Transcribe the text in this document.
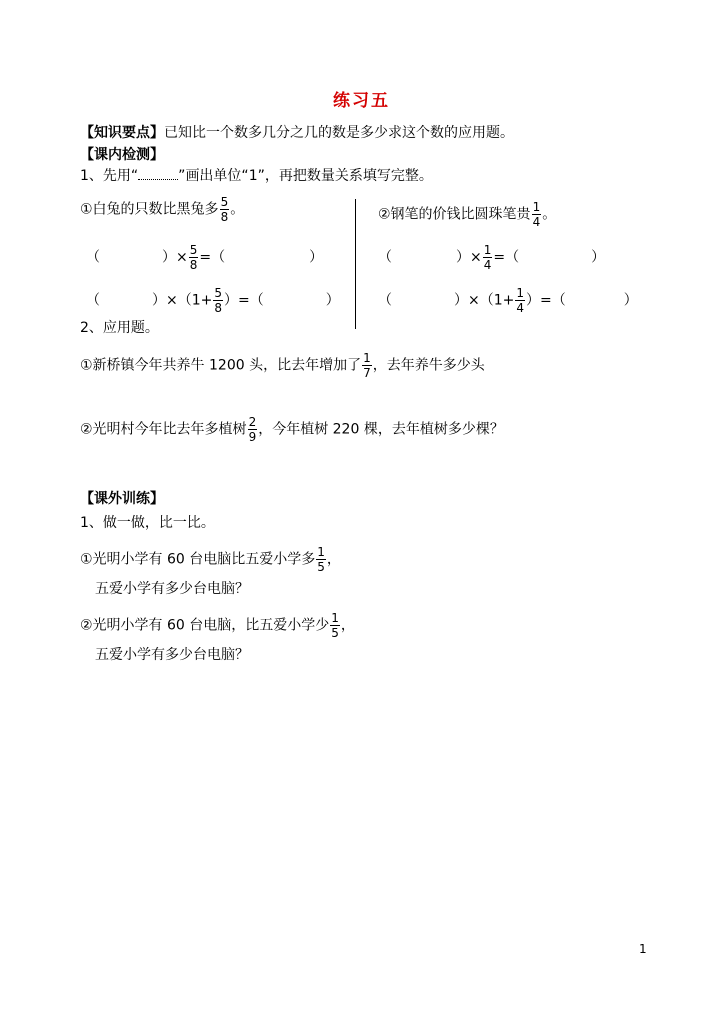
练习五
【知识要点】已知比一个数多几分之几的数是多少求这个数的应用题。
【课内检测】
1、先用“	”画出单位“1”，再把数量关系填写完整。
①白兔的只数比黑兔多 $\frac{5}{8}$ 。
（	）× $\frac{5}{8}$ =（	）
（	）$\times(1+ \frac{5}{8}$ ）=（	）
②钢笔的价钱比圆珠笔贵 $\frac{1}{4}$ 。
（	）× $\frac{1}{4}$ =（	）
（	）$\times(1+ \frac{1}{4}$ ）=（	）
2、应用题。
①新桥镇今年共养牛 1200 头，比去年增加了 $\frac{1}{7}$ ，去年养牛多少头
②光明村今年比去年多植树 $\frac{2}{9}$ ，今年植树 220 棵，去年植树多少棵？
【课外训练】
1、做一做，比一比。
①光明小学有 60 台电脑比五爱小学多 $\frac{1}{5}$ ，
五爱小学有多少台电脑？
②光明小学有 60 台电脑，比五爱小学少 $\frac{1}{5}$ ，
五爱小学有多少台电脑？
1
